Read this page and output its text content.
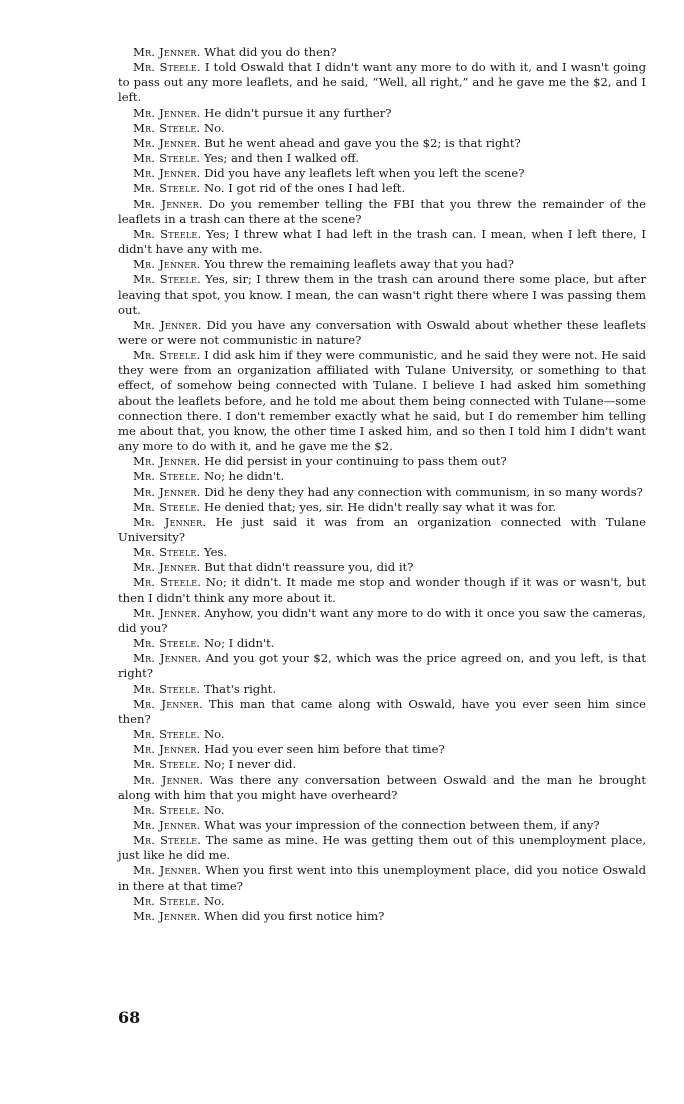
Mr. Jenner. What did you do then?

Mr. Steele. I told Oswald that I didn't want any more to do with it, and I wasn't going to pass out any more leaflets, and he said, “Well, all right,” and he gave me the $2, and I left.

Mr. Jenner. He didn't pursue it any further?

Mr. Steele. No.

Mr. Jenner. But he went ahead and gave you the $2; is that right?

Mr. Steele. Yes; and then I walked off.

Mr. Jenner. Did you have any leaflets left when you left the scene?

Mr. Steele. No. I got rid of the ones I had left.

Mr. Jenner. Do you remember telling the FBI that you threw the remainder of the leaflets in a trash can there at the scene?

Mr. Steele. Yes; I threw what I had left in the trash can. I mean, when I left there, I didn't have any with me.

Mr. Jenner. You threw the remaining leaflets away that you had?

Mr. Steele. Yes, sir; I threw them in the trash can around there some place, but after leaving that spot, you know. I mean, the can wasn't right there where I was passing them out.

Mr. Jenner. Did you have any conversation with Oswald about whether these leaflets were or were not communistic in nature?

Mr. Steele. I did ask him if they were communistic, and he said they were not. He said they were from an organization affiliated with Tulane University, or something to that effect, of somehow being connected with Tulane. I believe I had asked him something about the leaflets before, and he told me about them being connected with Tulane—some connection there. I don't remember exactly what he said, but I do remember him telling me about that, you know, the other time I asked him, and so then I told him I didn't want any more to do with it, and he gave me the $2.

Mr. Jenner. He did persist in your continuing to pass them out?

Mr. Steele. No; he didn't.

Mr. Jenner. Did he deny they had any connection with communism, in so many words?

Mr. Steele. He denied that; yes, sir. He didn't really say what it was for.

Mr. Jenner. He just said it was from an organization connected with Tulane University?

Mr. Steele. Yes.

Mr. Jenner. But that didn't reassure you, did it?

Mr. Steele. No; it didn't. It made me stop and wonder though if it was or wasn't, but then I didn't think any more about it.

Mr. Jenner. Anyhow, you didn't want any more to do with it once you saw the cameras, did you?

Mr. Steele. No; I didn't.

Mr. Jenner. And you got your $2, which was the price agreed on, and you left, is that right?

Mr. Steele. That's right.

Mr. Jenner. This man that came along with Oswald, have you ever seen him since then?

Mr. Steele. No.

Mr. Jenner. Had you ever seen him before that time?

Mr. Steele. No; I never did.

Mr. Jenner. Was there any conversation between Oswald and the man he brought along with him that you might have overheard?

Mr. Steele. No.

Mr. Jenner. What was your impression of the connection between them, if any?

Mr. Steele. The same as mine. He was getting them out of this unemployment place, just like he did me.

Mr. Jenner. When you first went into this unemployment place, did you notice Oswald in there at that time?

Mr. Steele. No.

Mr. Jenner. When did you first notice him?

68
